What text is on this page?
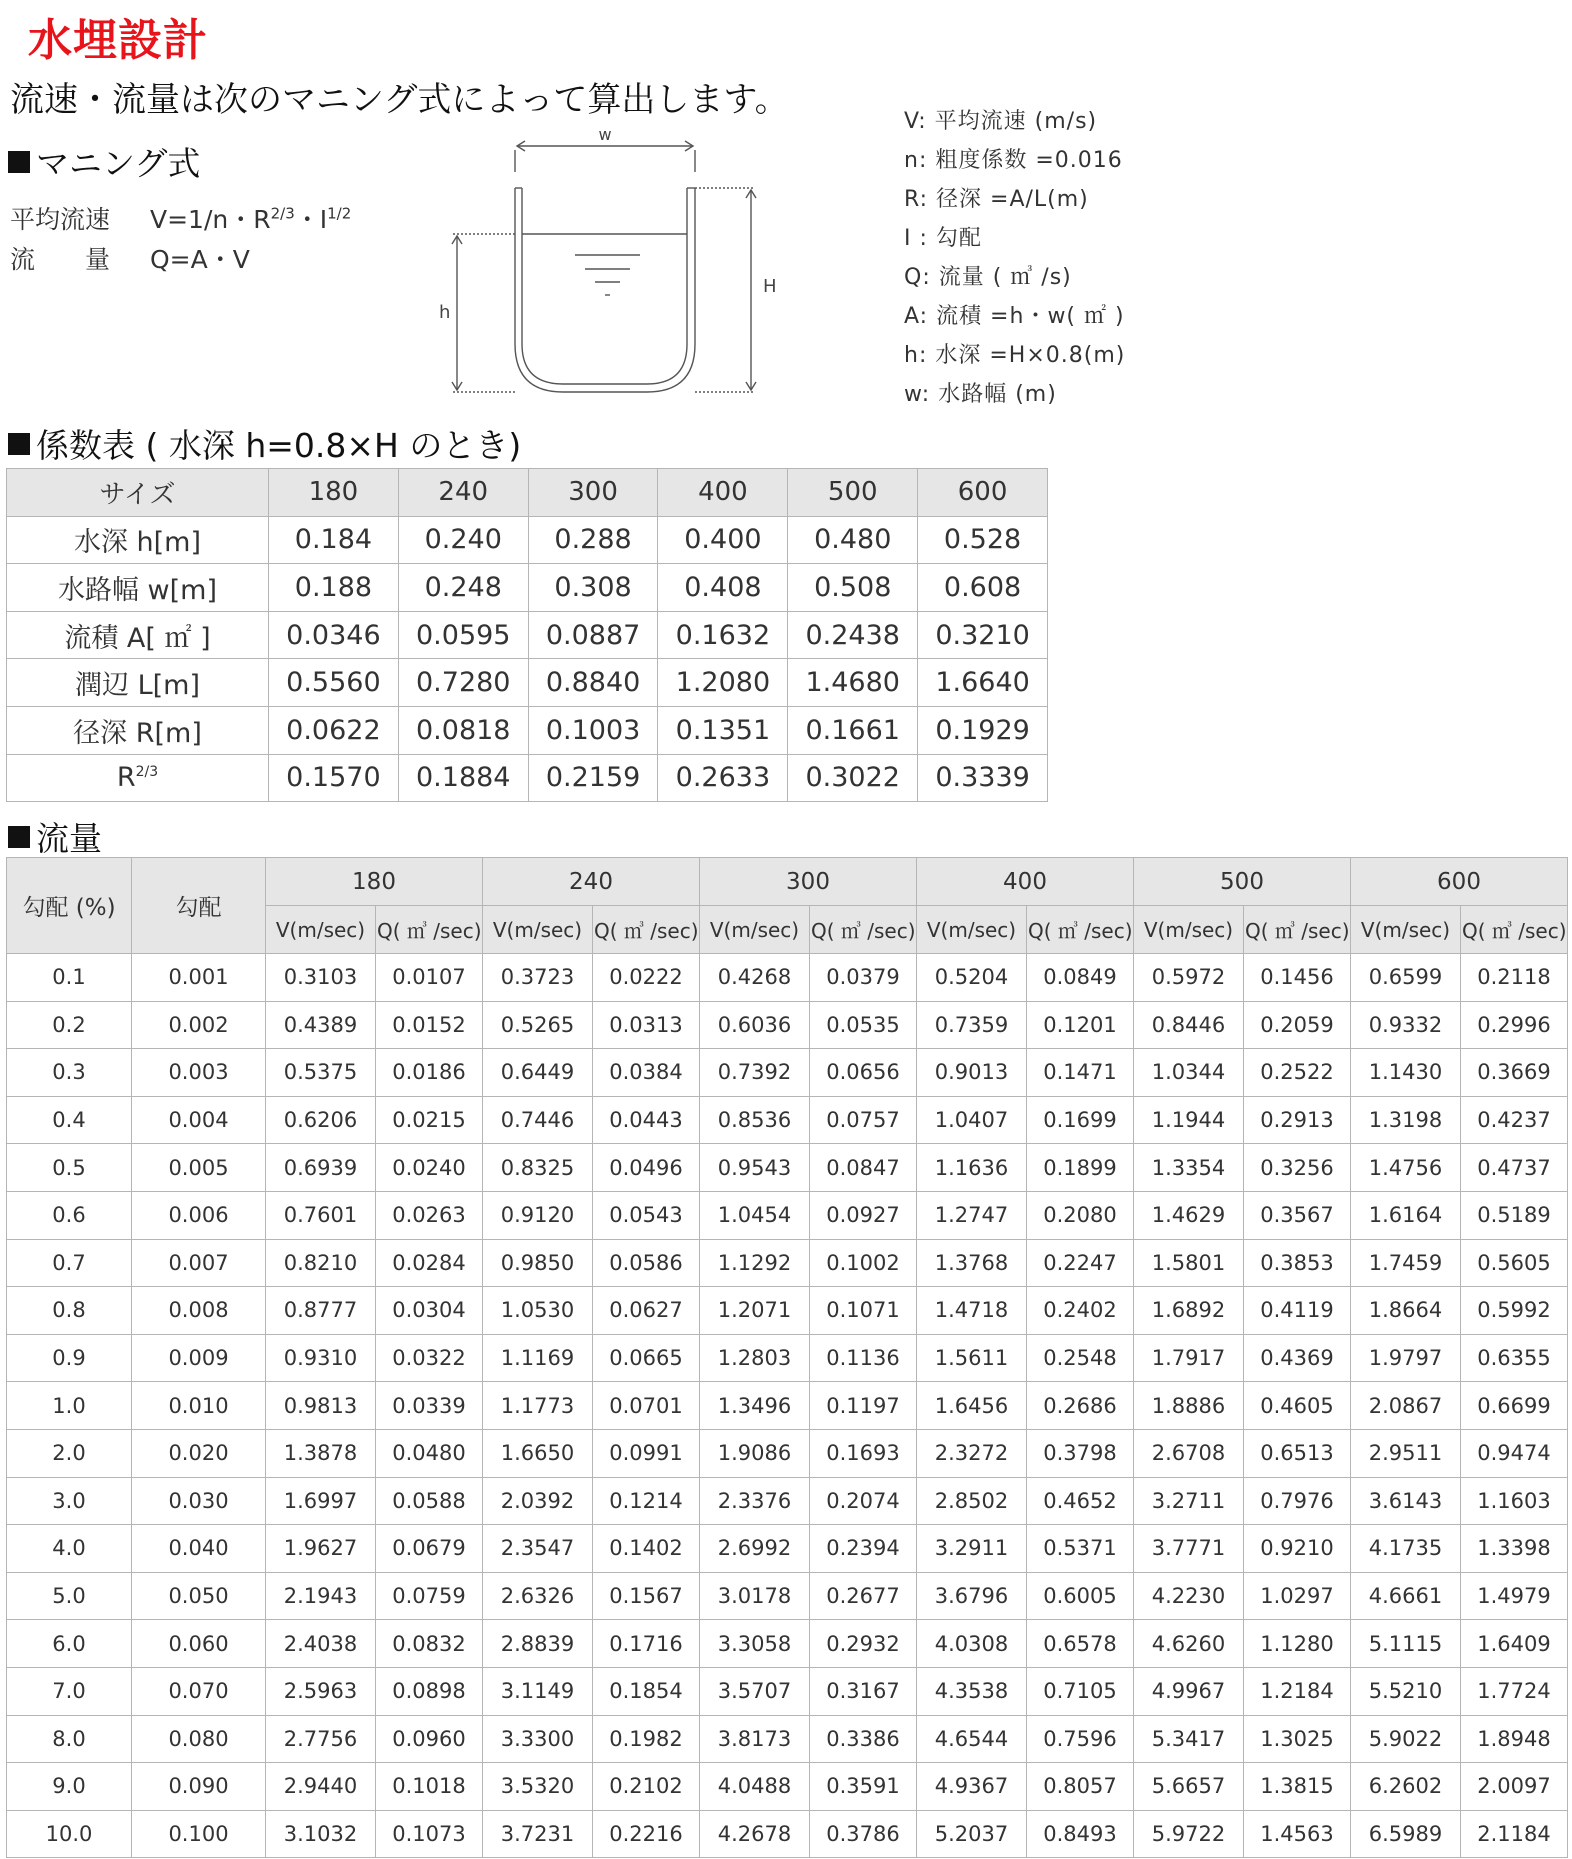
水埋設計
流速・流量は次のマニング式によって算出します。
マニング式
平均流速 V=1/n・$R^{2/3}$・$I^{1/2}$
流　　量 Q=A・V
w
h
H
V: 平均流速 (m/s)
n: 粗度係数 =0.016
R: 径深 =A/L(m)
I : 勾配
Q: 流量 ( ㎥ /s)
A: 流積 =h・w( ㎡ )
h: 水深 =H×0.8(m)
w: 水路幅 (m)
係数表 ( 水深 h=0.8×H のとき)
サイズ	180	240	300	400	500	600
水深 h[m]	0.184	0.240	0.288	0.400	0.480	0.528
水路幅 w[m]	0.188	0.248	0.308	0.408	0.508	0.608
流積 A[ ㎡ ]	0.0346	0.0595	0.0887	0.1632	0.2438	0.3210
潤辺 L[m]	0.5560	0.7280	0.8840	1.2080	1.4680	1.6640
径深 R[m]	0.0622	0.0818	0.1003	0.1351	0.1661	0.1929
$R^{2/3}$	0.1570	0.1884	0.2159	0.2633	0.3022	0.3339
流量
勾配 (%)	勾配	180		240		300		400		500		600	
		V(m/sec)	Q( ㎥ /sec)	V(m/sec)	Q( ㎥ /sec)	V(m/sec)	Q( ㎥ /sec)	V(m/sec)	Q( ㎥ /sec)	V(m/sec)	Q( ㎥ /sec)	V(m/sec)	Q( ㎥ /sec)
0.1	0.001	0.3103	0.0107	0.3723	0.0222	0.4268	0.0379	0.5204	0.0849	0.5972	0.1456	0.6599	0.2118
0.2	0.002	0.4389	0.0152	0.5265	0.0313	0.6036	0.0535	0.7359	0.1201	0.8446	0.2059	0.9332	0.2996
0.3	0.003	0.5375	0.0186	0.6449	0.0384	0.7392	0.0656	0.9013	0.1471	1.0344	0.2522	1.1430	0.3669
0.4	0.004	0.6206	0.0215	0.7446	0.0443	0.8536	0.0757	1.0407	0.1699	1.1944	0.2913	1.3198	0.4237
0.5	0.005	0.6939	0.0240	0.8325	0.0496	0.9543	0.0847	1.1636	0.1899	1.3354	0.3256	1.4756	0.4737
0.6	0.006	0.7601	0.0263	0.9120	0.0543	1.0454	0.0927	1.2747	0.2080	1.4629	0.3567	1.6164	0.5189
0.7	0.007	0.8210	0.0284	0.9850	0.0586	1.1292	0.1002	1.3768	0.2247	1.5801	0.3853	1.7459	0.5605
0.8	0.008	0.8777	0.0304	1.0530	0.0627	1.2071	0.1071	1.4718	0.2402	1.6892	0.4119	1.8664	0.5992
0.9	0.009	0.9310	0.0322	1.1169	0.0665	1.2803	0.1136	1.5611	0.2548	1.7917	0.4369	1.9797	0.6355
1.0	0.010	0.9813	0.0339	1.1773	0.0701	1.3496	0.1197	1.6456	0.2686	1.8886	0.4605	2.0867	0.6699
2.0	0.020	1.3878	0.0480	1.6650	0.0991	1.9086	0.1693	2.3272	0.3798	2.6708	0.6513	2.9511	0.9474
3.0	0.030	1.6997	0.0588	2.0392	0.1214	2.3376	0.2074	2.8502	0.4652	3.2711	0.7976	3.6143	1.1603
4.0	0.040	1.9627	0.0679	2.3547	0.1402	2.6992	0.2394	3.2911	0.5371	3.7771	0.9210	4.1735	1.3398
5.0	0.050	2.1943	0.0759	2.6326	0.1567	3.0178	0.2677	3.6796	0.6005	4.2230	1.0297	4.6661	1.4979
6.0	0.060	2.4038	0.0832	2.8839	0.1716	3.3058	0.2932	4.0308	0.6578	4.6260	1.1280	5.1115	1.6409
7.0	0.070	2.5963	0.0898	3.1149	0.1854	3.5707	0.3167	4.3538	0.7105	4.9967	1.2184	5.5210	1.7724
8.0	0.080	2.7756	0.0960	3.3300	0.1982	3.8173	0.3386	4.6544	0.7596	5.3417	1.3025	5.9022	1.8948
9.0	0.090	2.9440	0.1018	3.5320	0.2102	4.0488	0.3591	4.9367	0.8057	5.6657	1.3815	6.2602	2.0097
10.0	0.100	3.1032	0.1073	3.7231	0.2216	4.2678	0.3786	5.2037	0.8493	5.9722	1.4563	6.5989	2.1184
